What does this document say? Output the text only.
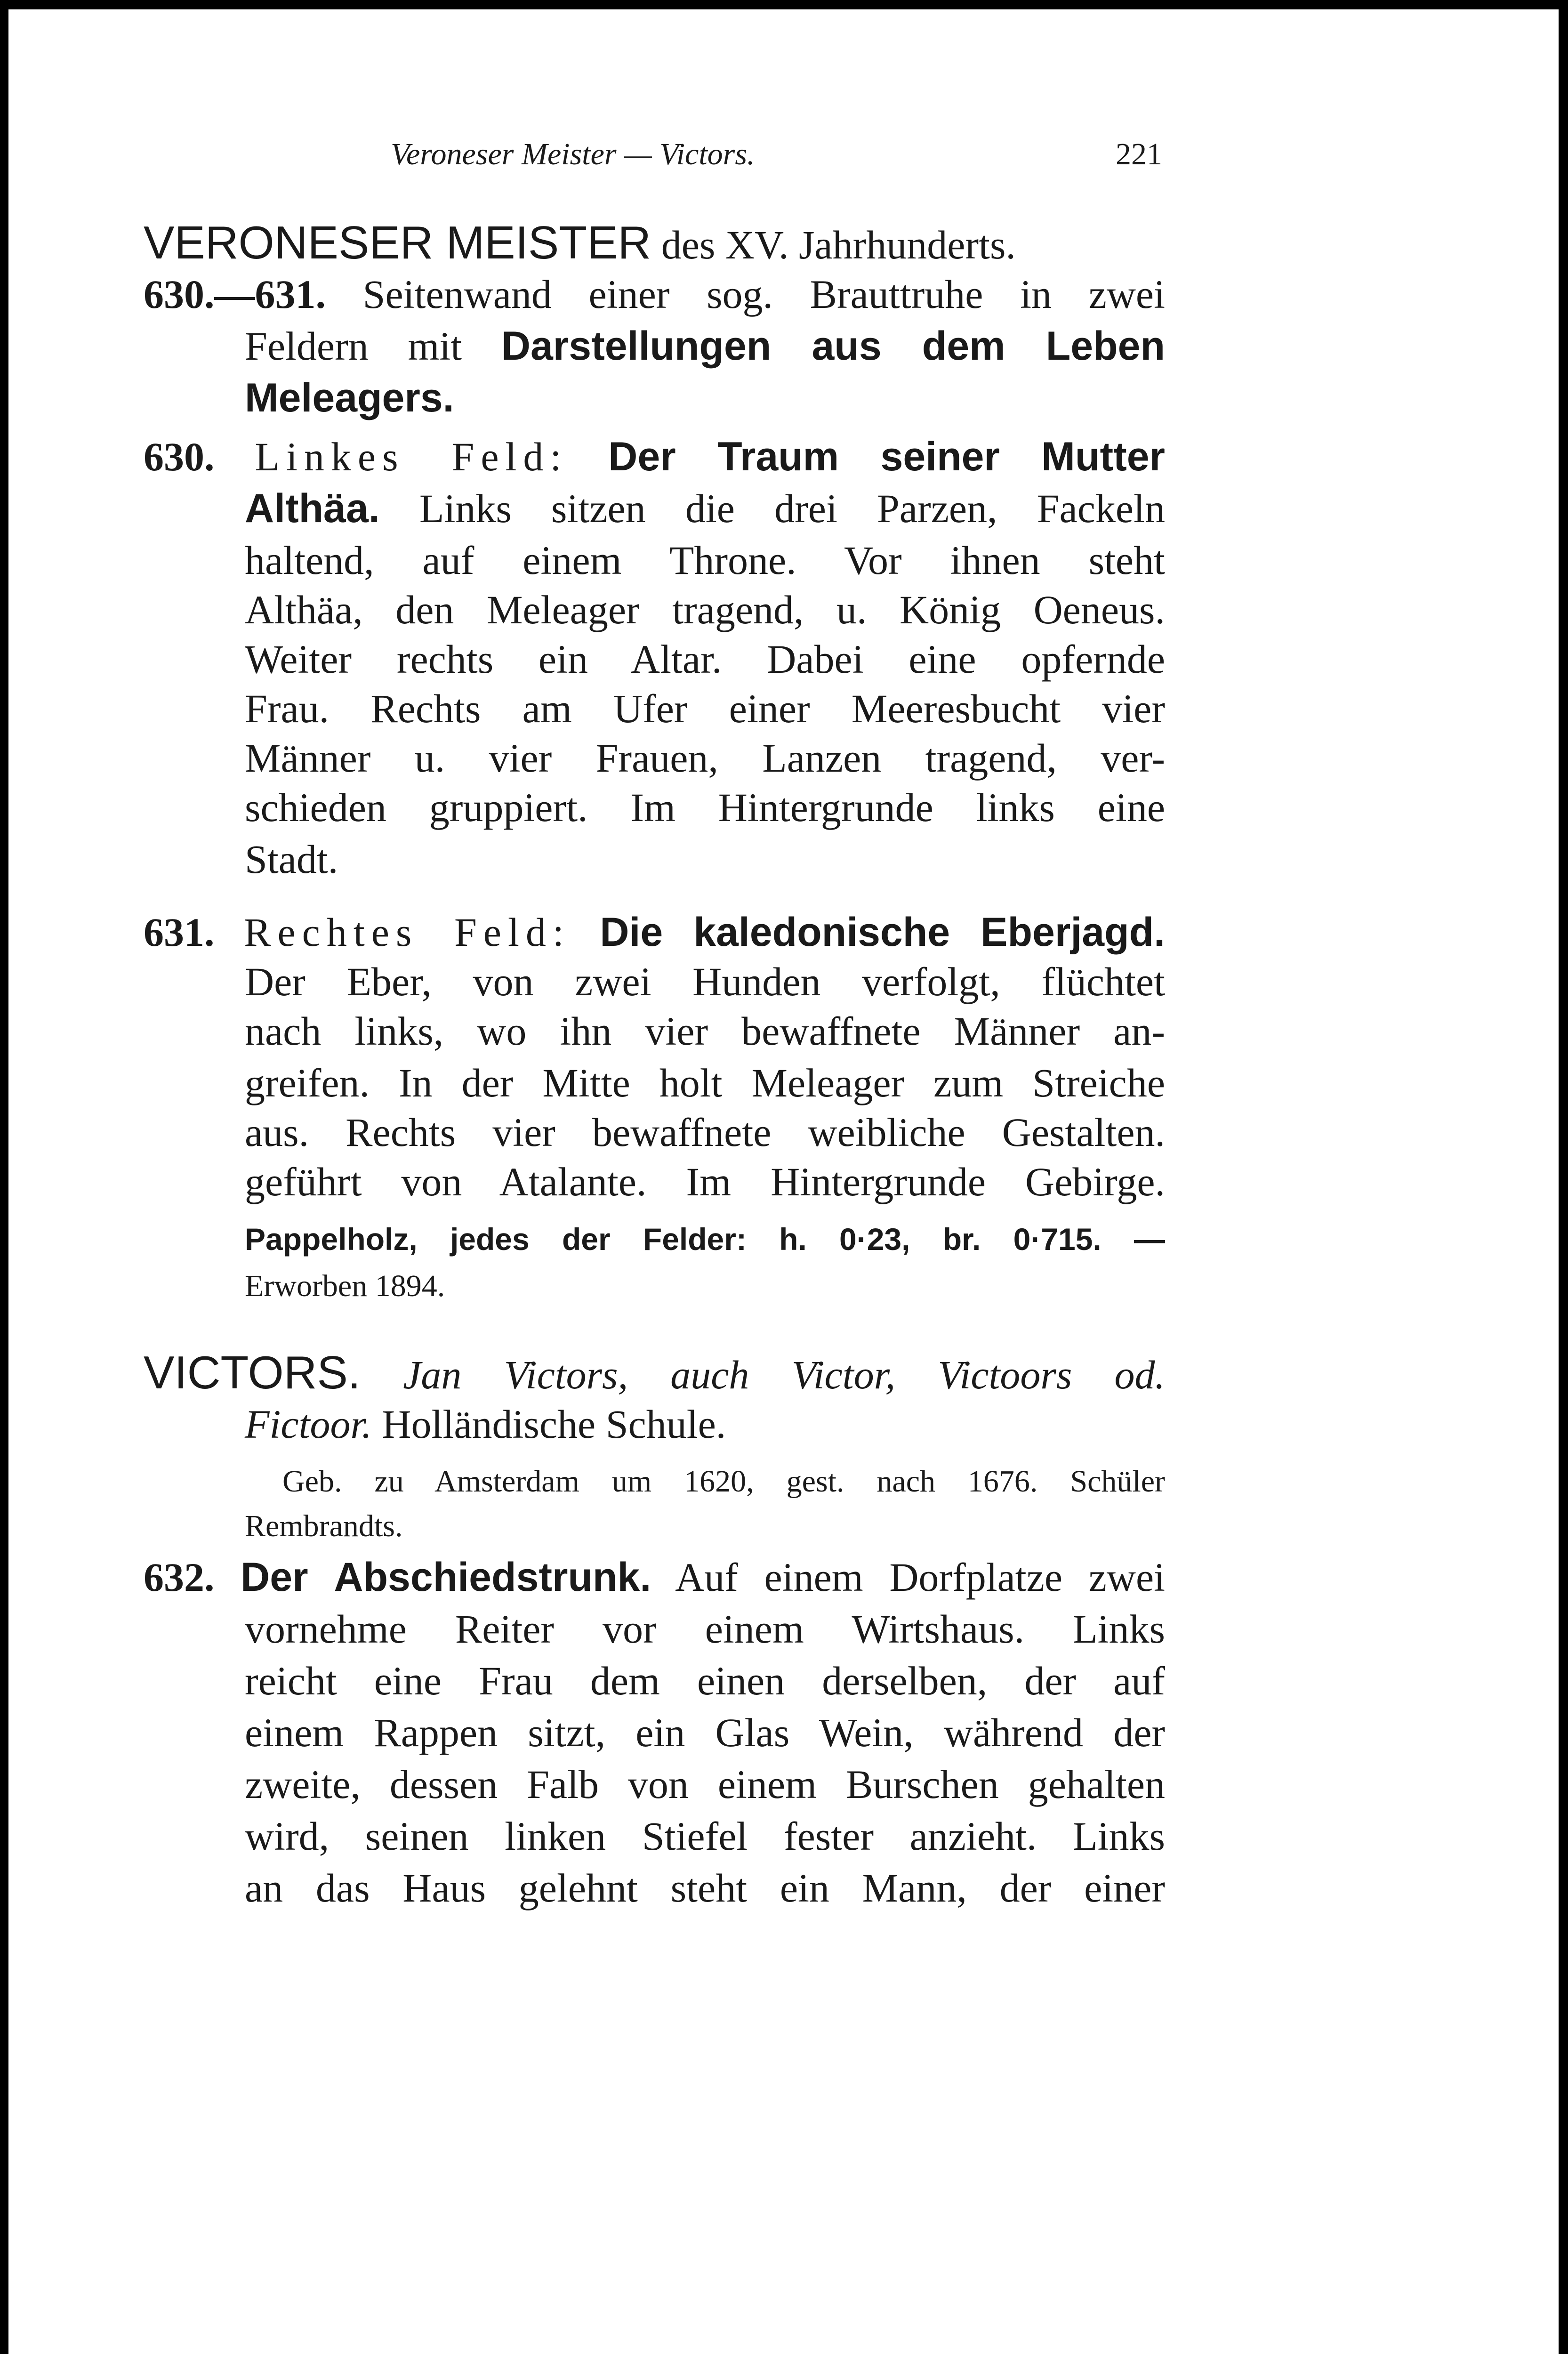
Veroneser Meister — Victors.	221
VERONESER MEISTER des XV. Jahrhunderts.
630.—631. Seitenwand einer sog. Brauttruhe in zwei
Feldern mit Darstellungen aus dem Leben
Meleagers.
630. Linkes Feld: Der Traum seiner Mutter
Althäa. Links sitzen die drei Parzen, Fackeln
haltend, auf einem Throne. Vor ihnen steht
Althäa, den Meleager tragend, u. König Oeneus.
Weiter rechts ein Altar. Dabei eine opfernde
Frau. Rechts am Ufer einer Meeresbucht vier
Männer u. vier Frauen, Lanzen tragend, ver-
schieden gruppiert. Im Hintergrunde links eine
Stadt.
631. Rechtes Feld: Die kaledonische Eberjagd.
Der Eber, von zwei Hunden verfolgt, flüchtet
nach links, wo ihn vier bewaffnete Männer an-
greifen. In der Mitte holt Meleager zum Streiche
aus. Rechts vier bewaffnete weibliche Gestalten.
geführt von Atalante. Im Hintergrunde Gebirge.
Pappelholz, jedes der Felder: h. 0·23, br. 0·715. —
Erworben 1894.
VICTORS. Jan Victors, auch Victor, Victoors od.
Fictoor. Holländische Schule.
Geb. zu Amsterdam um 1620, gest. nach 1676. Schüler
Rembrandts.
632. Der Abschiedstrunk. Auf einem Dorfplatze zwei
vornehme Reiter vor einem Wirtshaus. Links
reicht eine Frau dem einen derselben, der auf
einem Rappen sitzt, ein Glas Wein, während der
zweite, dessen Falb von einem Burschen gehalten
wird, seinen linken Stiefel fester anzieht. Links
an das Haus gelehnt steht ein Mann, der einer
